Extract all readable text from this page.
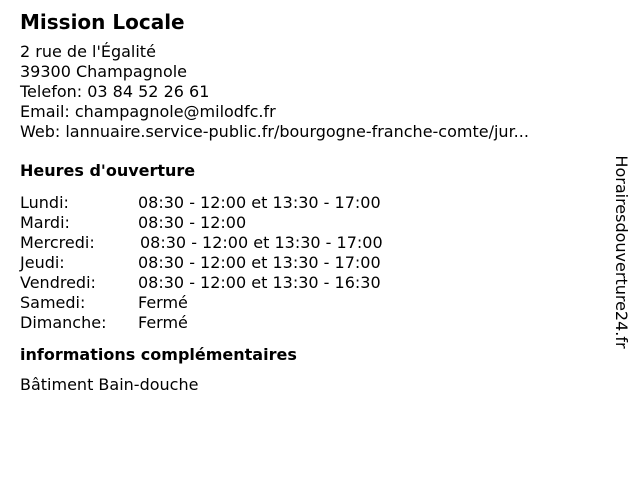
Mission Locale
2 rue de l'Égalité
39300 Champagnole
Telefon: 03 84 52 26 61
Email: champagnole@milodfc.fr
Web: lannuaire.service-public.fr/bourgogne-franche-comte/jur...
Heures d'ouverture
Lundi:	08:30 - 12:00 et 13:30 - 17:00
Mardi:	08:30 - 12:00
Mercredi:	08:30 - 12:00 et 13:30 - 17:00
Jeudi:	08:30 - 12:00 et 13:30 - 17:00
Vendredi:	08:30 - 12:00 et 13:30 - 16:30
Samedi:	Fermé
Dimanche:	Fermé
informations complémentaires
Bâtiment Bain-douche
Horairesdouverture24.fr
